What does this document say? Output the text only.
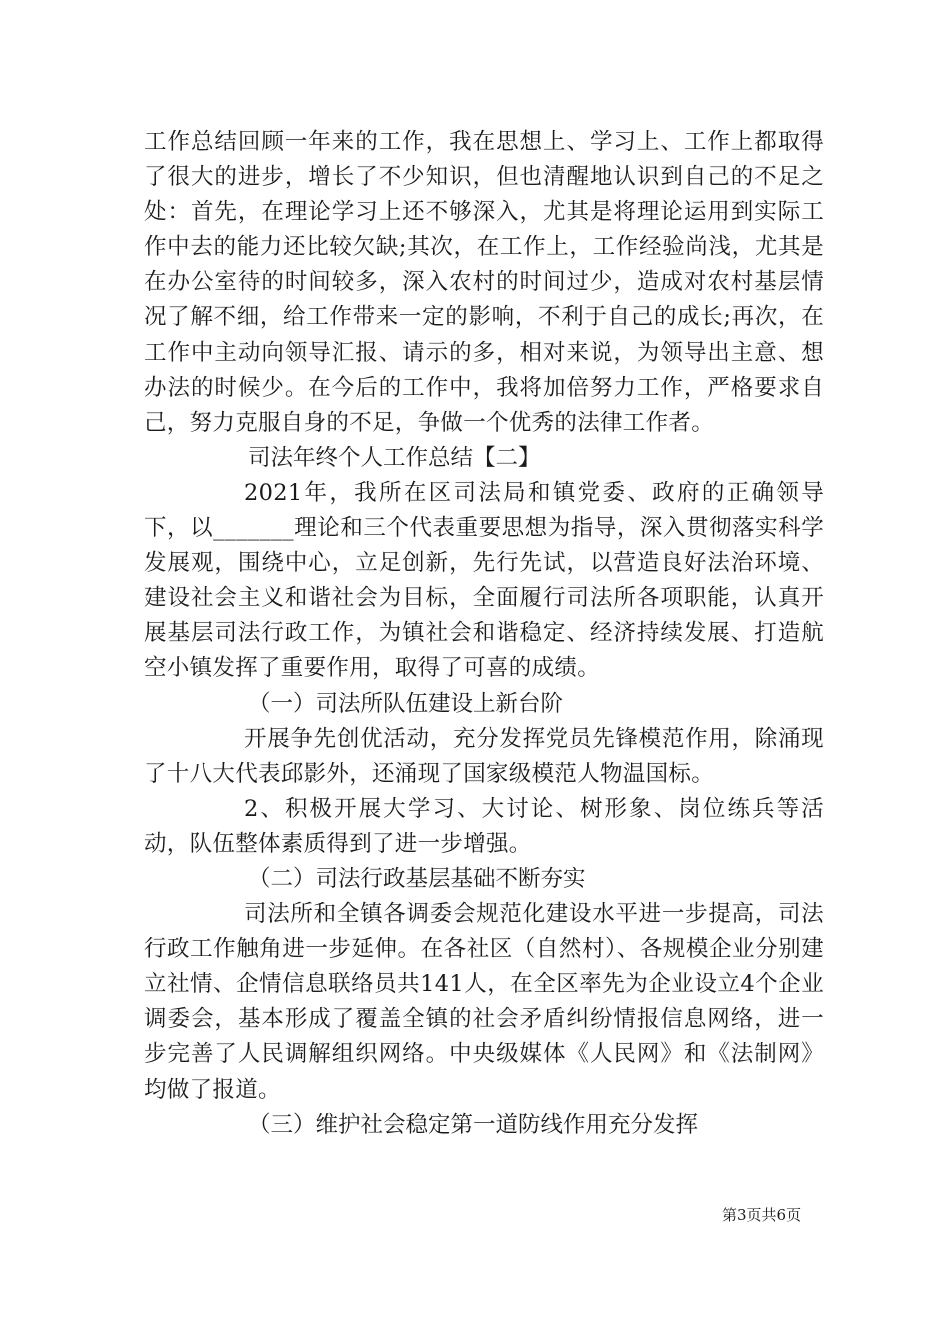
工作总结回顾一年来的工作，我在思想上、学习上、工作上都取得了很大的进步，增长了不少知识，但也清醒地认识到自己的不足之处：首先，在理论学习上还不够深入，尤其是将理论运用到实际工作中去的能力还比较欠缺;其次，在工作上，工作经验尚浅，尤其是在办公室待的时间较多，深入农村的时间过少，造成对农村基层情况了解不细，给工作带来一定的影响，不利于自己的成长;再次，在工作中主动向领导汇报、请示的多，相对来说，为领导出主意、想办法的时候少。在今后的工作中，我将加倍努力工作，严格要求自己，努力克服自身的不足，争做一个优秀的法律工作者。

司法年终个人工作总结【二】

2021年，我所在区司法局和镇党委、政府的正确领导下，以_______理论和三个代表重要思想为指导，深入贯彻落实科学发展观，围绕中心，立足创新，先行先试，以营造良好法治环境、建设社会主义和谐社会为目标，全面履行司法所各项职能，认真开展基层司法行政工作，为镇社会和谐稳定、经济持续发展、打造航空小镇发挥了重要作用，取得了可喜的成绩。

（一）司法所队伍建设上新台阶

开展争先创优活动，充分发挥党员先锋模范作用，除涌现了十八大代表邱影外，还涌现了国家级模范人物温国标。

2、积极开展大学习、大讨论、树形象、岗位练兵等活动，队伍整体素质得到了进一步增强。

（二）司法行政基层基础不断夯实

司法所和全镇各调委会规范化建设水平进一步提高，司法行政工作触角进一步延伸。在各社区（自然村）、各规模企业分别建立社情、企情信息联络员共141人，在全区率先为企业设立4个企业调委会，基本形成了覆盖全镇的社会矛盾纠纷情报信息网络，进一步完善了人民调解组织网络。中央级媒体《人民网》和《法制网》均做了报道。

（三）维护社会稳定第一道防线作用充分发挥

第3页共6页
